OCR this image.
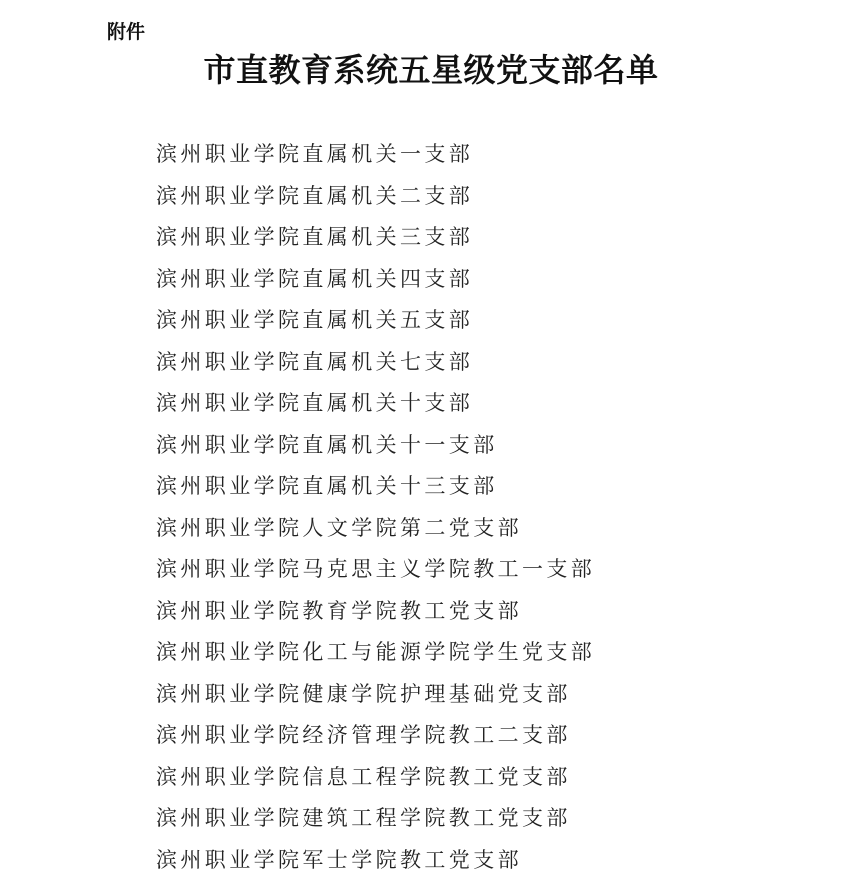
附件
市直教育系统五星级党支部名单
滨州职业学院直属机关一支部
滨州职业学院直属机关二支部
滨州职业学院直属机关三支部
滨州职业学院直属机关四支部
滨州职业学院直属机关五支部
滨州职业学院直属机关七支部
滨州职业学院直属机关十支部
滨州职业学院直属机关十一支部
滨州职业学院直属机关十三支部
滨州职业学院人文学院第二党支部
滨州职业学院马克思主义学院教工一支部
滨州职业学院教育学院教工党支部
滨州职业学院化工与能源学院学生党支部
滨州职业学院健康学院护理基础党支部
滨州职业学院经济管理学院教工二支部
滨州职业学院信息工程学院教工党支部
滨州职业学院建筑工程学院教工党支部
滨州职业学院军士学院教工党支部
